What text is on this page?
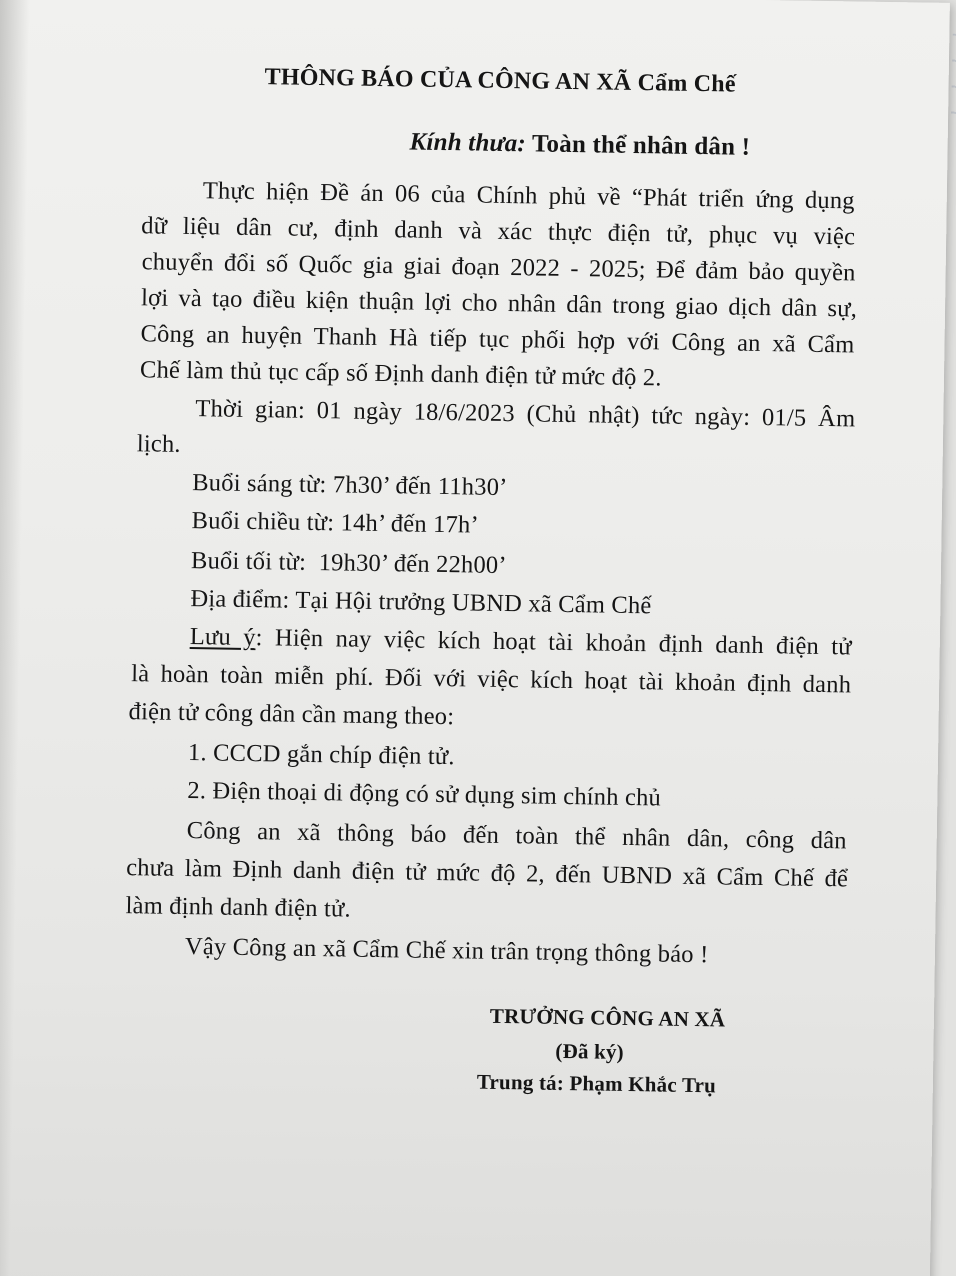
THÔNG BÁO CỦA CÔNG AN XÃ Cẩm Chế

Kính thưa: Toàn thể nhân dân !

Thực hiện Đề án 06 của Chính phủ về “Phát triển ứng dụng

dữ liệu dân cư, định danh và xác thực điện tử, phục vụ việc

chuyển đổi số Quốc gia giai đoạn 2022 - 2025; Để đảm bảo quyền

lợi và tạo điều kiện thuận lợi cho nhân dân trong giao dịch dân sự,

Công an huyện Thanh Hà tiếp tục phối hợp với Công an xã Cẩm

Chế làm thủ tục cấp số Định danh điện tử mức độ 2.

Thời gian: 01 ngày 18/6/2023 (Chủ nhật) tức ngày: 01/5 Âm

lịch.

Buổi sáng từ: 7h30’ đến 11h30’

Buổi chiều từ: 14h’ đến 17h’

Buổi tối từ:  19h30’ đến 22h00’

Địa điểm: Tại Hội trưởng UBND xã Cẩm Chế

Lưu ý: Hiện nay việc kích hoạt tài khoản định danh điện tử

là hoàn toàn miễn phí. Đối với việc kích hoạt tài khoản định danh

điện tử công dân cần mang theo:

1. CCCD gắn chíp điện tử.

2. Điện thoại di động có sử dụng sim chính chủ

Công an xã thông báo đến toàn thể nhân dân, công dân

chưa làm Định danh điện tử mức độ 2, đến UBND xã Cẩm Chế để

làm định danh điện tử.

Vậy Công an xã Cẩm Chế xin trân trọng thông báo !

TRƯỞNG CÔNG AN XÃ

(Đã ký)

Trung tá: Phạm Khắc Trụ
